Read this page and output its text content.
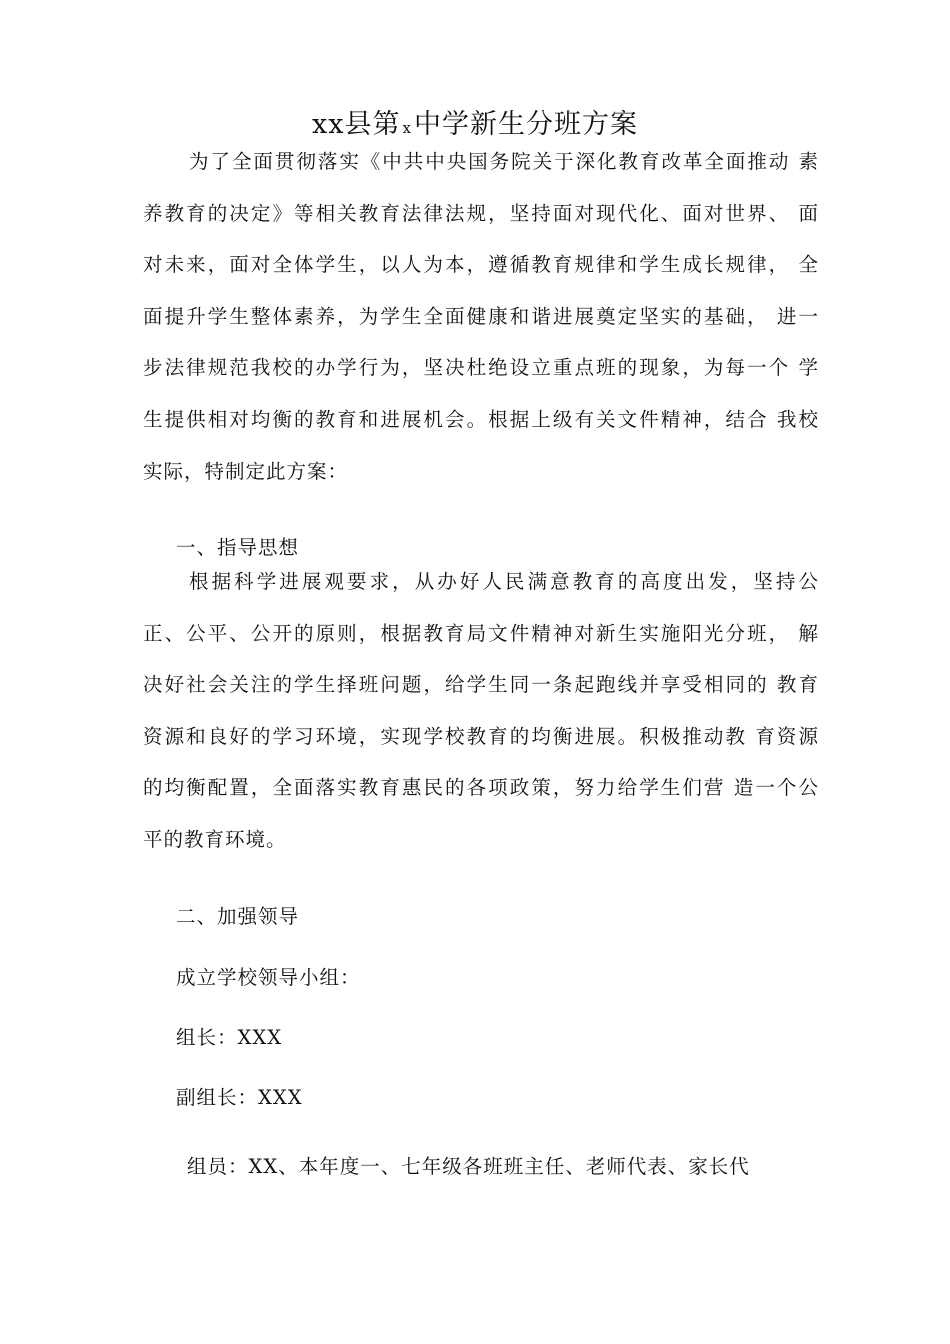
xx县第 x中学新生分班方案
为了全面贯彻落实《中共中央国务院关于深化教育改革全面推动 素
养教育的决定》等相关教育法律法规，坚持面对现代化、面对世界、 面
对未来，面对全体学生，以人为本，遵循教育规律和学生成长规律， 全
面提升学生整体素养，为学生全面健康和谐进展奠定坚实的基础， 进一
步法律规范我校的办学行为，坚决杜绝设立重点班的现象，为每一个 学
生提供相对均衡的教育和进展机会。根据上级有关文件精神，结合 我校
实际，特制定此方案：
一、指导思想
根据科学进展观要求，从办好人民满意教育的高度出发，坚持公
正、公平、公开的原则，根据教育局文件精神对新生实施阳光分班， 解
决好社会关注的学生择班问题，给学生同一条起跑线并享受相同的 教育
资源和良好的学习环境，实现学校教育的均衡进展。积极推动教 育资源
的均衡配置，全面落实教育惠民的各项政策，努力给学生们营 造一个公
平的教育环境。
二、加强领导
成立学校领导小组：
组长：XXX
副组长：XXX
组员：XX、本年度一、七年级各班班主任、老师代表、家长代
